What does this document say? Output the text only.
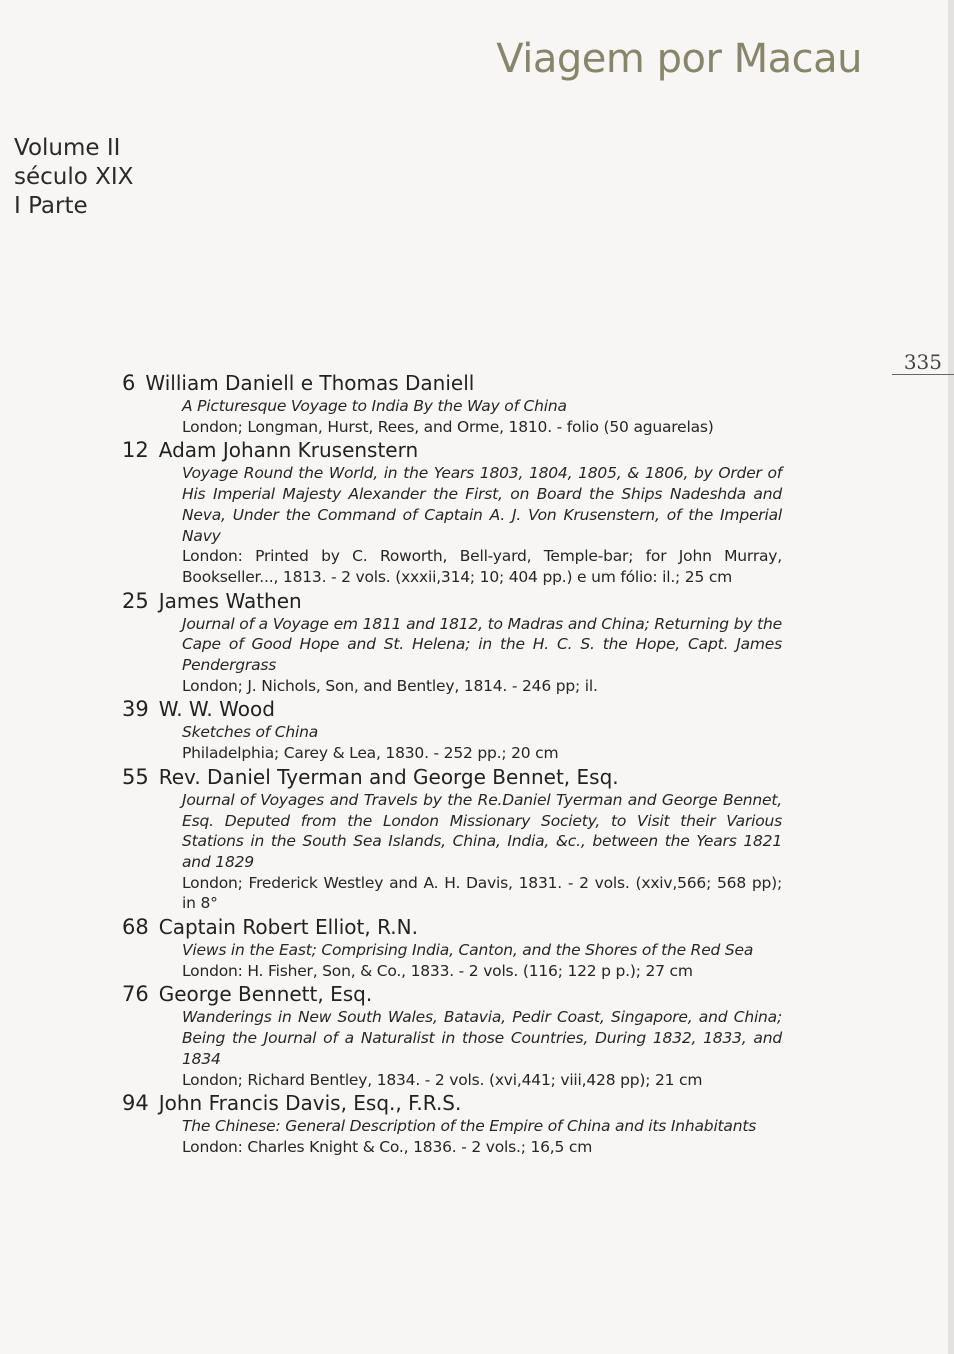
Viagem por Macau
Volume II
século XIX
I Parte
335
6 William Daniell e Thomas Daniell
A Picturesque Voyage to India By the Way of China
London; Longman, Hurst, Rees, and Orme, 1810. - folio (50 aguarelas)
12 Adam Johann Krusenstern
Voyage Round the World, in the Years 1803, 1804, 1805, & 1806, by Order of His Imperial Majesty Alexander the First, on Board the Ships Nadeshda and Neva, Under the Command of Captain A. J. Von Krusenstern, of the Imperial Navy
London: Printed by C. Roworth, Bell-yard, Temple-bar; for John Murray, Bookseller..., 1813. - 2 vols. (xxxii,314; 10; 404 pp.) e um fólio: il.; 25 cm
25 James Wathen
Journal of a Voyage em 1811 and 1812, to Madras and China; Returning by the Cape of Good Hope and St. Helena; in the H. C. S. the Hope, Capt. James Pendergrass
London; J. Nichols, Son, and Bentley, 1814. - 246 pp; il.
39 W. W. Wood
Sketches of China
Philadelphia; Carey & Lea, 1830. - 252 pp.; 20 cm
55 Rev. Daniel Tyerman and George Bennet, Esq.
Journal of Voyages and Travels by the Re.Daniel Tyerman and George Bennet, Esq. Deputed from the London Missionary Society, to Visit their Various Stations in the South Sea Islands, China, India, &c., between the Years 1821 and 1829
London; Frederick Westley and A. H. Davis, 1831. - 2 vols. (xxiv,566; 568 pp); in 8°
68 Captain Robert Elliot, R.N.
Views in the East; Comprising India, Canton, and the Shores of the Red Sea
London: H. Fisher, Son, & Co., 1833. - 2 vols. (116; 122 p p.); 27 cm
76 George Bennett, Esq.
Wanderings in New South Wales, Batavia, Pedir Coast, Singapore, and China; Being the Journal of a Naturalist in those Countries, During 1832, 1833, and 1834
London; Richard Bentley, 1834. - 2 vols. (xvi,441; viii,428 pp); 21 cm
94 John Francis Davis, Esq., F.R.S.
The Chinese: General Description of the Empire of China and its Inhabitants
London: Charles Knight & Co., 1836. - 2 vols.; 16,5 cm
